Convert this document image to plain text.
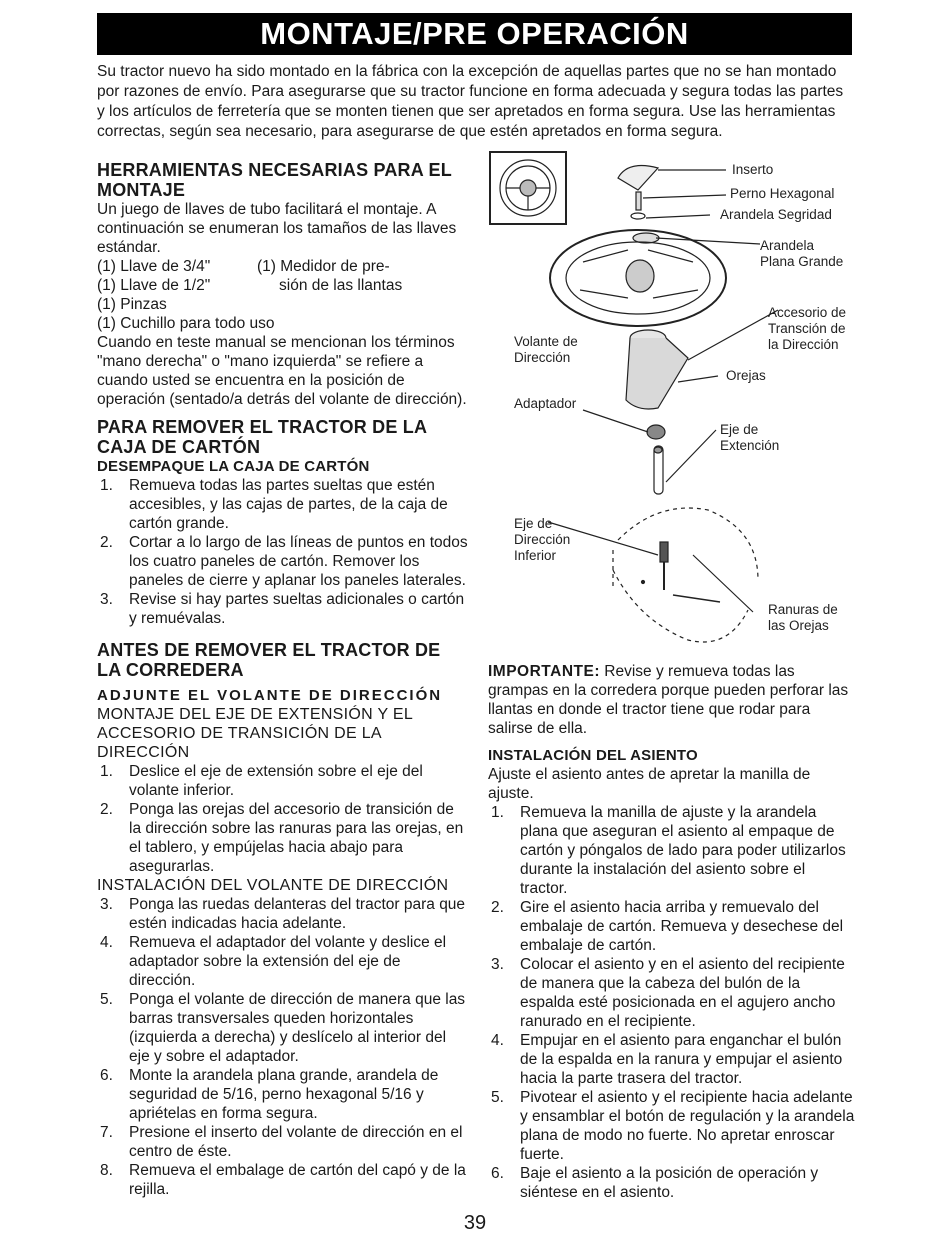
MONTAJE/PRE OPERACIÓN

Su tractor nuevo ha sido montado en la fábrica con la excepción de aquellas partes que no se han montado por razones de envío. Para asegurarse que su tractor funcione en forma adecuada y segura todas las partes y los artículos de ferretería que se monten tienen que ser apretados en forma segura. Use las herramientas correctas, según sea necesario, para asegurarse de que estén apretados en forma segura.

HERRAMIENTAS NECESARIAS PARA EL MONTAJE

Un juego de llaves de tubo facilitará el montaje. A continuación se enumeran los tamaños de las llaves estándar.

(1) Llave de 3/4"	(1) Medidor de pre-
(1) Llave de 1/2"	sión de las llantas
(1) Pinzas
(1) Cuchillo para todo uso

Cuando en teste manual se mencionan los términos "mano derecha" o "mano izquierda" se refiere a cuando usted se encuentra en la posición de operación (sentado/a detrás del volante de dirección).

PARA REMOVER EL TRACTOR DE LA CAJA DE CARTÓN
DESEMPAQUE LA CAJA DE CARTÓN
1. Remueva todas las partes sueltas que estén accesibles, y las cajas de partes, de la caja de cartón grande.
2. Cortar a lo largo de las líneas de puntos en todos los cuatro paneles de cartón. Remover los paneles de cierre y aplanar los paneles laterales.
3. Revise si hay partes sueltas adicionales o cartón y remuévalas.
ANTES DE REMOVER EL TRACTOR DE LA CORREDERA
ADJUNTE EL VOLANTE DE DIRECCIÓN

MONTAJE DEL EJE DE EXTENSIÓN Y EL ACCESORIO DE TRANSICIÓN DE LA DIRECCIÓN

1. Deslice el eje de extensión sobre el eje del volante inferior.
2. Ponga las orejas del accesorio de transición de la dirección sobre las ranuras para las orejas, en el tablero, y empújelas hacia abajo para asegurarlas.

INSTALACIÓN DEL VOLANTE DE DIRECCIÓN

3. Ponga las ruedas delanteras del tractor para que estén indicadas hacia adelante.
4. Remueva el adaptador del volante y deslice el adaptador sobre la extensión del eje de dirección.
5. Ponga el volante de dirección de manera que las barras transversales queden horizontales (izquierda a derecha) y deslícelo al interior del eje y sobre el adaptador.
6. Monte la arandela plana grande, arandela de seguridad de 5/16, perno hexagonal 5/16 y apriételas en forma segura.
7. Presione el inserto del volante de dirección en el centro de éste.
8. Remueva el embalage de cartón del capó y de la rejilla.
Inserto
Perno Hexagonal
Arandela Segridad
Arandela
Plana Grande
Accesorio de
Transción de
la Dirección
Volante de
Dirección
Orejas
Adaptador
Eje de
Extención
Eje de
Dirección
Inferior
Ranuras de
las Orejas

IMPORTANTE: Revise y remueva todas las grampas en la corredera porque pueden perforar las llantas en donde el tractor tiene que rodar para salirse de ella.

INSTALACIÓN DEL ASIENTO

Ajuste el asiento antes de apretar la manilla de ajuste.

1. Remueva la manilla de ajuste y la arandela plana que aseguran el asiento al empaque de cartón y póngalos de lado para poder utilizarlos durante la instalación del asiento sobre el tractor.
2. Gire el asiento hacia arriba y remuevalo del embalaje de cartón. Remueva y desechese del embalaje de cartón.
3. Colocar el asiento y en el asiento del recipiente de manera que la cabeza del bulón de la espalda esté posicionada en el agujero ancho ranurado en el recipiente.
4. Empujar en el asiento para enganchar el bulón de la espalda en la ranura y empujar el asiento hacia la parte trasera del tractor.
5. Pivotear el asiento y el recipiente hacia adelante y ensamblar el botón de regulación y la arandela plana de modo no fuerte. No apretar enroscar fuerte.
6. Baje el asiento a la posición de operación y siéntese en el asiento.
39
